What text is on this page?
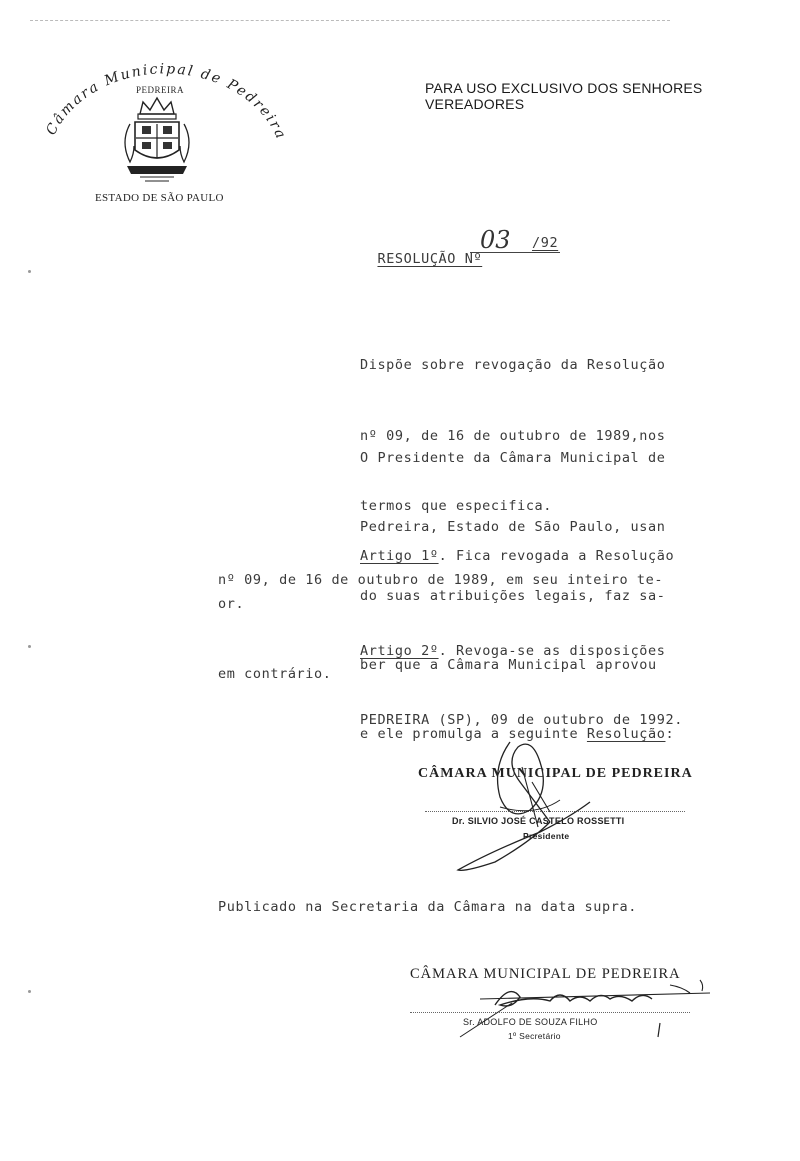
PARA USO EXCLUSIVO DOS SENHORES VEREADORES
Câmara Municipal de Pedreira
PEDREIRA
ESTADO DE SÃO PAULO

RESOLUÇÃO Nº

03 /92

Dispõe sobre revogação da Resolução

nº 09, de 16 de outubro de 1989,nos

termos que especifica.

O Presidente da Câmara Municipal de

Pedreira, Estado de São Paulo, usan

do suas atribuições legais, faz sa-

ber que a Câmara Municipal aprovou

e ele promulga a seguinte Resolução:

Artigo 1º. Fica revogada a Resolução
nº 09, de 16 de outubro de 1989, em seu inteiro te-
or.
Artigo 2º. Revoga-se as disposições
em contrário.
PEDREIRA (SP), 09 de outubro de 1992.
CÂMARA MUNICIPAL DE PEDREIRA
Dr. SILVIO JOSÉ CASTELO ROSSETTI
Presidente
Publicado na Secretaria da Câmara na data supra.
CÂMARA MUNICIPAL DE PEDREIRA
Sr. ADOLFO DE SOUZA FILHO
1º Secretário
